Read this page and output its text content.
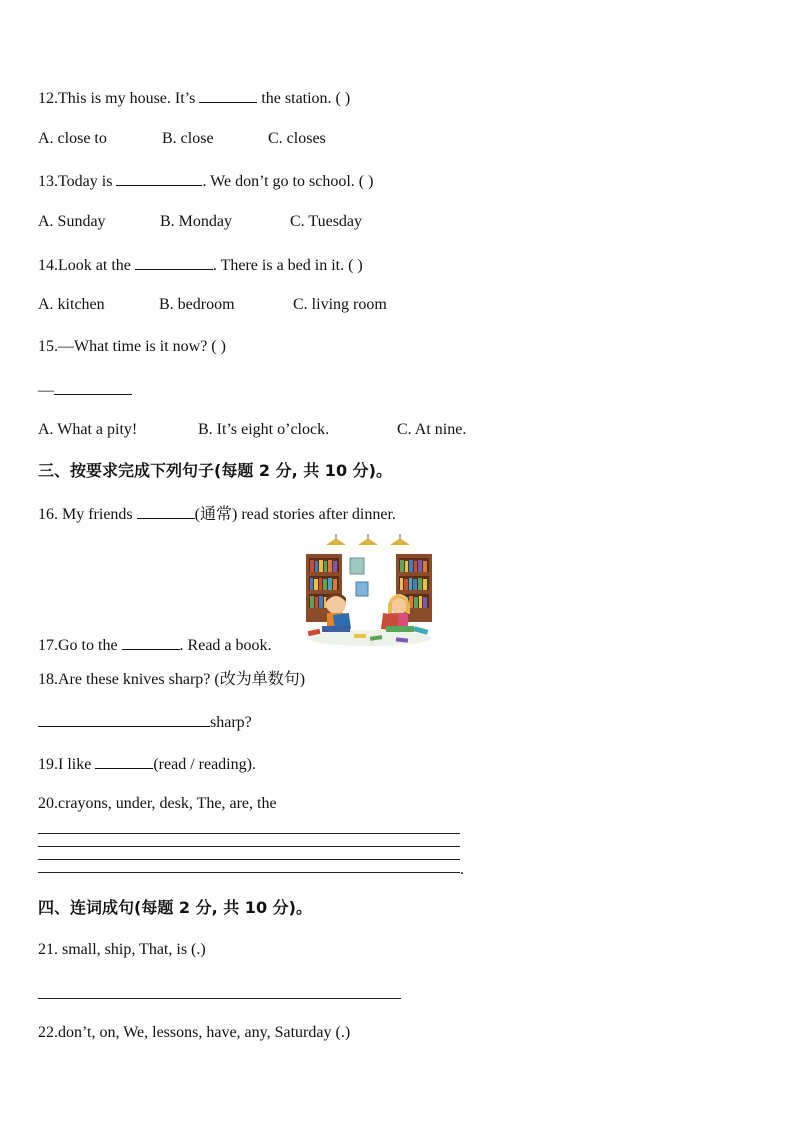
12.This is my house. It’s	the station. ( )
A. close to	B. close	C. closes
13.Today is	. We don’t go to school. ( )
A. Sunday	B. Monday	C. Tuesday
14.Look at the	. There is a bed in it. ( )
A. kitchen	B. bedroom	C. living room
15.—What time is it now? ( )
—
A. What a pity!	B. It’s eight o’clock.	C. At nine.
三、按要求完成下列句子(每题 2 分, 共 10 分)。
16. My friends	(通常) read stories after dinner.
17.Go to the	. Read a book.
18.Are these knives sharp? (改为单数句)
sharp?
19.I like	(read / reading).
20.crayons, under, desk, The, are, the
.
四、连词成句(每题 2 分, 共 10 分)。
21. small, ship, That, is (.)
22.don’t, on, We, lessons, have, any, Saturday (.)
